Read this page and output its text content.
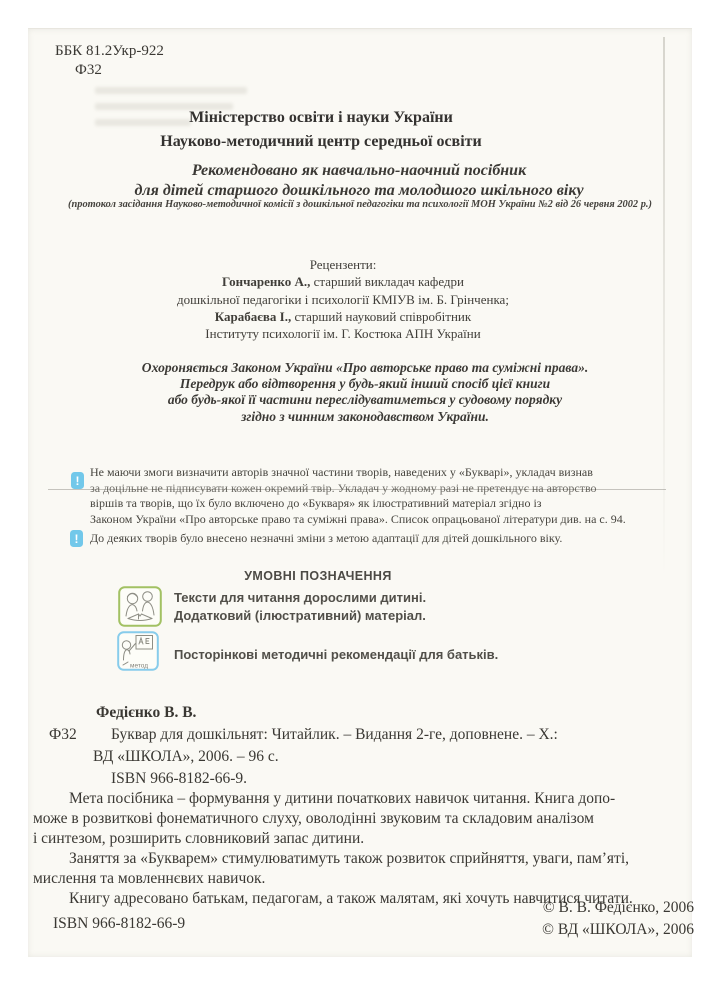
ББК 81.2Укр-922
Ф32
Міністерство освіти і науки України
Науково-методичний центр середньої освіти
Рекомендовано як навчально-наочний посібник
для дітей старшого дошкільного та молодшого шкільного віку
(протокол засідання Науково-методичної комісії з дошкільної педагогіки та психології МОН України №2 від 26 червня 2002 р.)
Рецензенти:
Гончаренко А., старший викладач кафедри
дошкільної педагогіки і психології КМІУВ ім. Б. Грінченка;
Карабаєва І., старший науковий співробітник
Інституту психології ім. Г. Костюка АПН України
Охороняється Законом України «Про авторське право та суміжні права».
Передрук або відтворення у будь-який інший спосіб цієї книги
або будь-якої її частини переслідуватиметься у судовому порядку
згідно з чинним законодавством України.
!
Не маючи змоги визначити авторів значної частини творів, наведених у «Букварі», укладач визнав
за доцільне не підписувати кожен окремий твір. Укладач у жодному разі не претендує на авторство
віршів та творів, що їх було включено до «Букваря» як ілюстративний матеріал згідно із
Законом України «Про авторське право та суміжні права». Список опрацьованої літератури див. на с. 94.
! До деяких творів було внесено незначні зміни з метою адаптації для дітей дошкільного віку.
УМОВНІ ПОЗНАЧЕННЯ
Тексти для читання дорослими дитині.
Додатковий (ілюстративний) матеріал.
метод
Посторінкові методичні рекомендації для батьків.
Федієнко В. В.
Ф32 Буквар для дошкільнят: Читайлик. – Видання 2-ге, доповнене. – Х.:
ВД «ШКОЛА», 2006. – 96 с.
ISBN 966-8182-66-9.
Мета посібника – формування у дитини початкових навичок читання. Книга допо-
може в розвиткові фонематичного слуху, оволодінні звуковим та складовим аналізом
і синтезом, розширить словниковий запас дитини.
Заняття за «Букварем» стимулюватимуть також розвиток сприйняття, уваги, пам’яті,
мислення та мовленнєвих навичок.
Книгу адресовано батькам, педагогам, а також малятам, які хочуть навчитися читати.
ISBN 966-8182-66-9
© В. В. Федієнко, 2006
© ВД «ШКОЛА», 2006
